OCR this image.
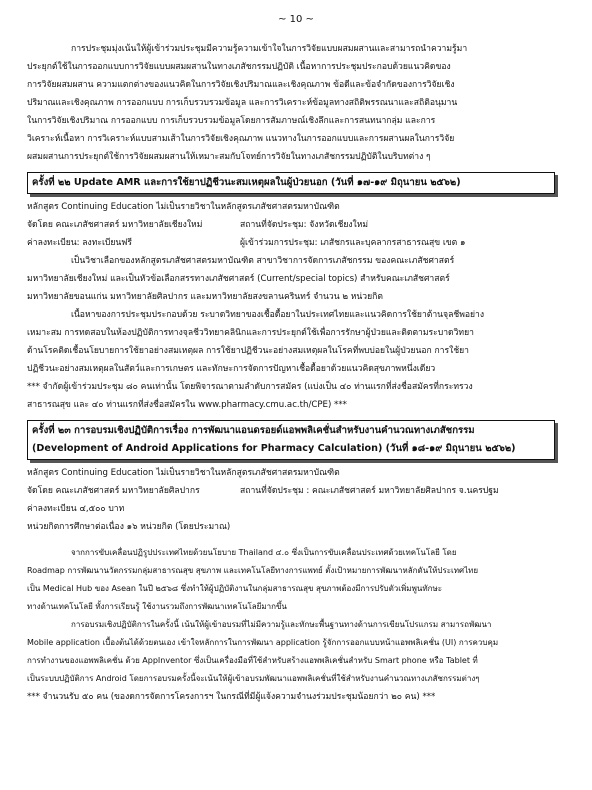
~ 10 ~

การประชุมมุ่งเน้นให้ผู้เข้าร่วมประชุมมีความรู้ความเข้าใจในการวิจัยแบบผสมผสานและสามารถนำความรู้มา

ประยุกต์ใช้ในการออกแบบการวิจัยแบบผสมผสานในทางเภสัชกรรมปฏิบัติ เนื้อหาการประชุมประกอบด้วยแนวคิดของ

การวิจัยผสมผสาน ความแตกต่างของแนวคิดในการวิจัยเชิงปริมาณและเชิงคุณภาพ ข้อดีและข้อจำกัดของการวิจัยเชิง

ปริมาณและเชิงคุณภาพ การออกแบบ การเก็บรวบรวมข้อมูล และการวิเคราะห์ข้อมูลทางสถิติพรรณนาและสถิติอนุมาน

ในการวิจัยเชิงปริมาณ การออกแบบ การเก็บรวบรวมข้อมูลโดยการสัมภาษณ์เชิงลึกและการสนทนากลุ่ม และการ

วิเคราะห์เนื้อหา การวิเคราะห์แบบสามเส้าในการวิจัยเชิงคุณภาพ แนวทางในการออกแบบและการผสานผลในการวิจัย

ผสมผสานการประยุกต์ใช้การวิจัยผสมผสานให้เหมาะสมกับโจทย์การวิจัยในทางเภสัชกรรมปฏิบัติในบริบทต่าง ๆ

ครั้งที่ ๒๒ Update AMR และการใช้ยาปฏิชีวนะสมเหตุผลในผู้ป่วยนอก (วันที่ ๑๗-๑๙ มิถุนายน ๒๕๖๒)

หลักสูตร Continuing Education ไม่เป็นรายวิชาในหลักสูตรเภสัชศาสตรมหาบัณฑิต

จัดโดย คณะเภสัชศาสตร์ มหาวิทยาลัยเชียงใหม่	สถานที่จัดประชุม: จังหวัดเชียงใหม่
ค่าลงทะเบียน: ลงทะเบียนฟรี	ผู้เข้าร่วมการประชุม: เภสัชกรและบุคลากรสาธารณสุข เขต ๑

เป็นวิชาเลือกของหลักสูตรเภสัชศาสตรมหาบัณฑิต สาขาวิชาการจัดการเภสัชกรรม ของคณะเภสัชศาสตร์

มหาวิทยาลัยเชียงใหม่ และเป็นหัวข้อเลือกสรรทางเภสัชศาสตร์ (Current/special topics) สำหรับคณะเภสัชศาสตร์

มหาวิทยาลัยขอนแก่น มหาวิทยาลัยศิลปากร และมหาวิทยาลัยสงขลานครินทร์ จำนวน ๒ หน่วยกิต

เนื้อหาของการประชุมประกอบด้วย ระบาดวิทยาของเชื้อดื้อยาในประเทศไทยและแนวคิดการใช้ยาต้านจุลชีพอย่าง

เหมาะสม การทดสอบในห้องปฏิบัติการทางจุลชีววิทยาคลินิกและการประยุกต์ใช้เพื่อการรักษาผู้ป่วยและติดตามระบาดวิทยา

ด้านโรคติดเชื้อนโยบายการใช้ยาอย่างสมเหตุผล การใช้ยาปฏิชีวนะอย่างสมเหตุผลในโรคที่พบบ่อยในผู้ป่วยนอก การใช้ยา

ปฏิชีวนะอย่างสมเหตุผลในสัตว์และการเกษตร และทักษะการจัดการปัญหาเชื้อดื้อยาด้วยแนวคิดสุขภาพหนึ่งเดียว

*** จำกัดผู้เข้าร่วมประชุม ๘๐ คนเท่านั้น โดยพิจารณาตามลำดับการสมัคร (แบ่งเป็น ๔๐ ท่านแรกที่ส่งชื่อสมัครที่กระทรวง

สาธารณสุข และ ๔๐ ท่านแรกที่ส่งชื่อสมัครใน www.pharmacy.cmu.ac.th/CPE) ***

ครั้งที่ ๒๓ การอบรมเชิงปฏิบัติการเรื่อง การพัฒนาแอนดรอยด์แอพพลิเคชั่นสำหรับงานคำนวณทางเภสัชกรรม
(Development of Android Applications for Pharmacy Calculation) (วันที่ ๑๘-๑๙ มิถุนายน ๒๕๖๒)

หลักสูตร Continuing Education ไม่เป็นรายวิชาในหลักสูตรเภสัชศาสตรมหาบัณฑิต

จัดโดย คณะเภสัชศาสตร์ มหาวิทยาลัยศิลปากร	สถานที่จัดประชุม : คณะเภสัชศาสตร์ มหาวิทยาลัยศิลปากร จ.นครปฐม

ค่าลงทะเบียน ๔,๕๐๐ บาท

หน่วยกิตการศึกษาต่อเนื่อง ๑๖ หน่วยกิต (โดยประมาณ)

จากการขับเคลื่อนปฏิรูปประเทศไทยด้วยนโยบาย Thailand ๔.๐ ซึ่งเป็นการขับเคลื่อนประเทศด้วยเทคโนโลยี โดย

Roadmap การพัฒนานวัตกรรมกลุ่มสาธารณสุข สุขภาพ และเทคโนโลยีทางการแพทย์ ตั้งเป้าหมายการพัฒนาหลักดันให้ประเทศไทย

เป็น Medical Hub ของ Asean ในปี ๒๕๖๘ ซึ่งทำให้ผู้ปฏิบัติงานในกลุ่มสาธารณสุข สุขภาพต้องมีการปรับตัวเพิ่มพูนทักษะ

ทางด้านเทคโนโลยี ทั้งการเรียนรู้ ใช้งานรวมถึงการพัฒนาเทคโนโลยีมากขึ้น

การอบรมเชิงปฏิบัติการในครั้งนี้ เน้นให้ผู้เข้าอบรมที่ไม่มีความรู้และทักษะพื้นฐานทางด้านการเขียนโปรแกรม สามารถพัฒนา

Mobile application เบื้องต้นได้ด้วยตนเอง เข้าใจหลักการในการพัฒนา application รู้จักการออกแบบหน้าแอพพลิเคชั่น (UI) การควบคุม

การทำงานของแอพพลิเคชั่น ด้วย AppInventor ซึ่งเป็นเครื่องมือที่ใช้สำหรับสร้างแอพพลิเคชั่นสำหรับ Smart phone หรือ Tablet ที่

เป็นระบบปฏิบัติการ Android โดยการอบรมครั้งนี้จะเน้นให้ผู้เข้าอบรมพัฒนาแอพพลิเคชั่นที่ใช้สำหรับงานคำนวณทางเภสัชกรรมต่างๆ

*** จำนวนรับ ๕๐ คน (ของดการจัดการโครงการฯ ในกรณีที่มีผู้แจ้งความจำนงร่วมประชุมน้อยกว่า ๒๐ คน) ***
